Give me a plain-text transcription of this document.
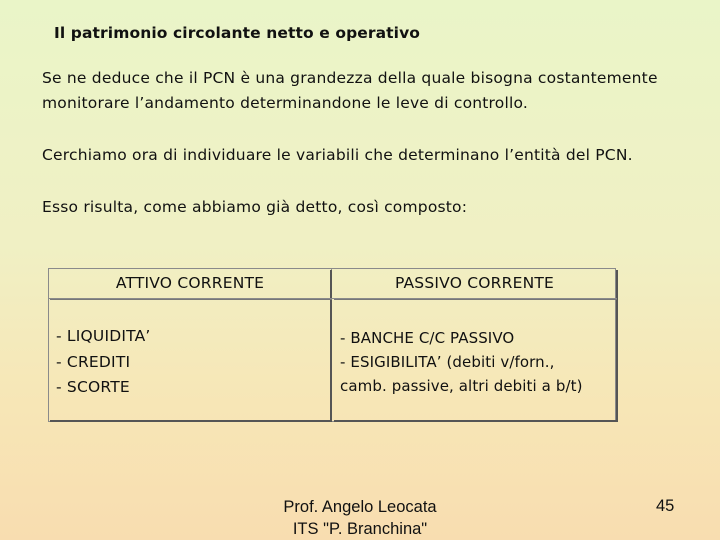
Il patrimonio circolante netto e operativo
Se ne deduce che il PCN è una grandezza della quale bisogna costantemente
monitorare l’andamento determinandone le leve di controllo.
Cerchiamo ora di individuare le variabili che determinano l’entità del PCN.
Esso risulta, come abbiamo già detto, così composto:
ATTIVO CORRENTE
- LIQUIDITA’
- CREDITI
- SCORTE
PASSIVO CORRENTE
- BANCHE C/C PASSIVO
- ESIGIBILITA’ (debiti v/forn.,
camb. passive, altri debiti a b/t)
Prof. Angelo Leocata
ITS "P. Branchina"
45
